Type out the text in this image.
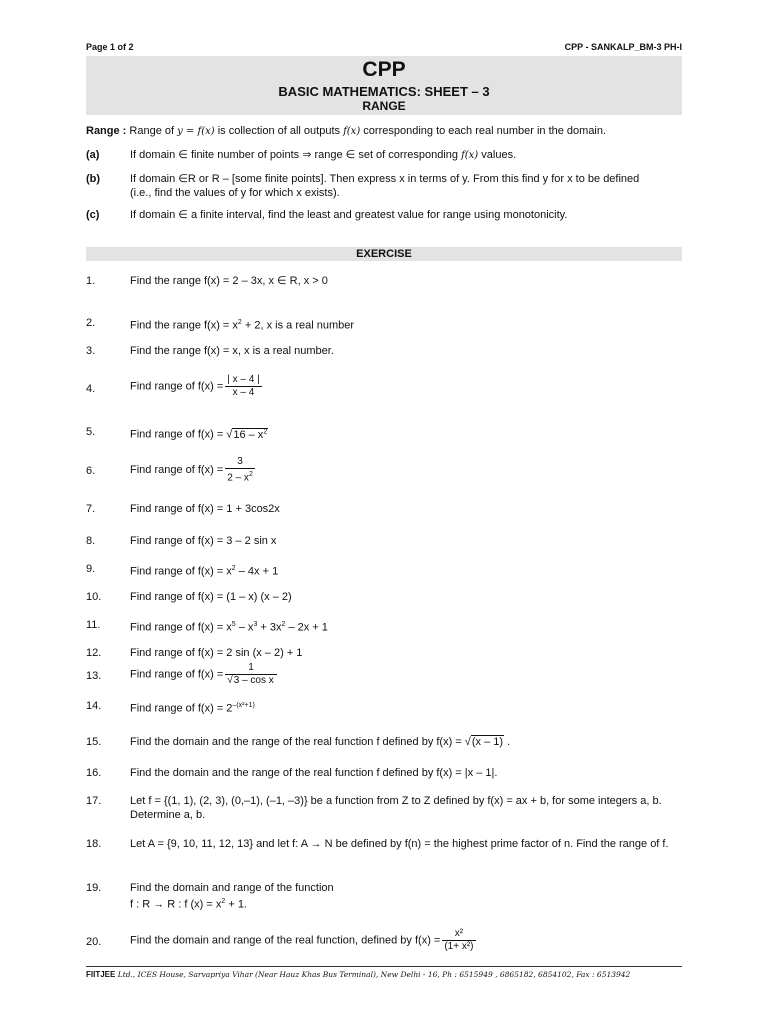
Page 1 of 2	CPP - SANKALP_BM-3 PH-I
CPP
BASIC MATHEMATICS: SHEET – 3
RANGE
Range : Range of y = f(x) is collection of all outputs f(x) corresponding to each real number in the domain.
(a)	If domain ∈ finite number of points ⇒ range ∈ set of corresponding f(x) values.
(b)	If domain ∈R or R – [some finite points]. Then express x in terms of y. From this find y for x to be defined
(i.e., find the values of y for which x exists).
(c)	If domain ∈ a finite interval, find the least and greatest value for range using monotonicity.
EXERCISE
1.	Find the range f(x) = 2 – 3x, x ∈ R, x > 0
2.	Find the range $f(x) = x^2 + 2$, x is a real number
3.	Find the range f(x) = x, x is a real number.
4.	Find range of $f(x) = \frac{| x - 4 |}{x - 4}$
5.	Find range of $f(x) = √16 - x^2$
6.	Find range of $f(x) = \frac{3}{2 - x^2}$
7.	Find range of f(x) = 1 + 3cos2x
8.	Find range of f(x) = 3 – 2 sin x
9.	Find range of $f(x) = x^2 - 4x + 1$
10.	Find range of f(x) = (1 – x) (x – 2)
11.	Find range of $f(x) = x^5 - x^3 + 3x^2 - 2x + 1$
12.	Find range of f(x) = 2 sin (x – 2) + 1
13.	Find range of $f(x) = \frac{1}{\text{√3 – cos x}}$
14.	Find range of $f(x) = 2^{-(x^2+1)}$
15.	Find the domain and the range of the real function f defined by f(x) = √(x – 1) .
16.	Find the domain and the range of the real function f defined by f(x) = |x – 1|.
17.	Let f = {(1, 1), (2, 3), (0,–1), (–1, –3)} be a function from Z to Z defined by f(x) = ax + b, for some integers a, b. Determine a, b.
18.	Let A = {9, 10, 11, 12, 13} and let f: A → N be defined by f(n) = the highest prime factor of n. Find the range of f.
19.	Find the domain and range of the function
f : R → R : f $(x) = x^2 + 1$.
20.	Find the domain and range of the real function, defined by $f(x) = \frac{\text{x²}}{\text{(1+ x²)}}$
FIITJEE Ltd., ICES House, Sarvapriya Vihar (Near Hauz Khas Bus Terminal), New Delhi - 16, Ph : 6515949 , 6865182, 6854102, Fax : 6513942
